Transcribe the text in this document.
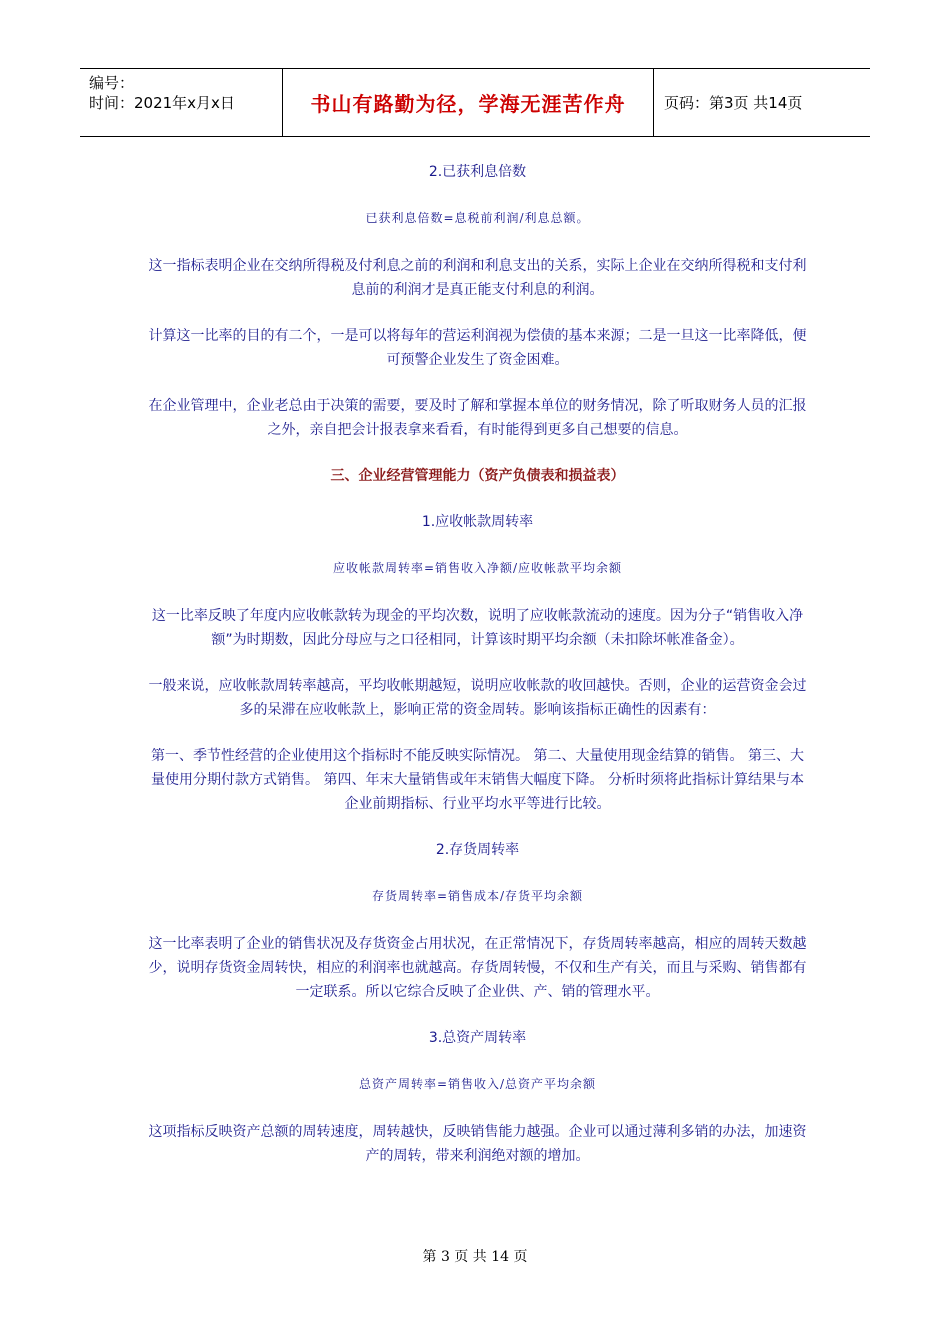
编号：
时间：2021年x月x日	书山有路勤为径，学海无涯苦作舟	页码：第3页 共14页

2.已获利息倍数

已获利息倍数=息税前利润/利息总额。

这一指标表明企业在交纳所得税及付利息之前的利润和利息支出的关系，实际上企业在交纳所得税和支付利息前的利润才是真正能支付利息的利润。

计算这一比率的目的有二个，一是可以将每年的营运利润视为偿债的基本来源；二是一旦这一比率降低，便可预警企业发生了资金困难。

在企业管理中，企业老总由于决策的需要，要及时了解和掌握本单位的财务情况，除了听取财务人员的汇报之外，亲自把会计报表拿来看看，有时能得到更多自己想要的信息。

三、企业经营管理能力（资产负债表和损益表）

1.应收帐款周转率

应收帐款周转率=销售收入净额/应收帐款平均余额

这一比率反映了年度内应收帐款转为现金的平均次数，说明了应收帐款流动的速度。因为分子“销售收入净额”为时期数，因此分母应与之口径相同，计算该时期平均余额（未扣除坏帐准备金）。

一般来说，应收帐款周转率越高，平均收帐期越短，说明应收帐款的收回越快。否则，企业的运营资金会过多的呆滞在应收帐款上，影响正常的资金周转。影响该指标正确性的因素有：

第一、季节性经营的企业使用这个指标时不能反映实际情况。 第二、大量使用现金结算的销售。 第三、大量使用分期付款方式销售。 第四、年末大量销售或年末销售大幅度下降。 分析时须将此指标计算结果与本企业前期指标、行业平均水平等进行比较。

2.存货周转率

存货周转率=销售成本/存货平均余额

这一比率表明了企业的销售状况及存货资金占用状况，在正常情况下，存货周转率越高，相应的周转天数越少，说明存货资金周转快，相应的利润率也就越高。存货周转慢，不仅和生产有关，而且与采购、销售都有一定联系。所以它综合反映了企业供、产、销的管理水平。

3.总资产周转率

总资产周转率=销售收入/总资产平均余额

这项指标反映资产总额的周转速度，周转越快，反映销售能力越强。企业可以通过薄利多销的办法，加速资产的周转，带来利润绝对额的增加。

第 3 页 共 14 页
